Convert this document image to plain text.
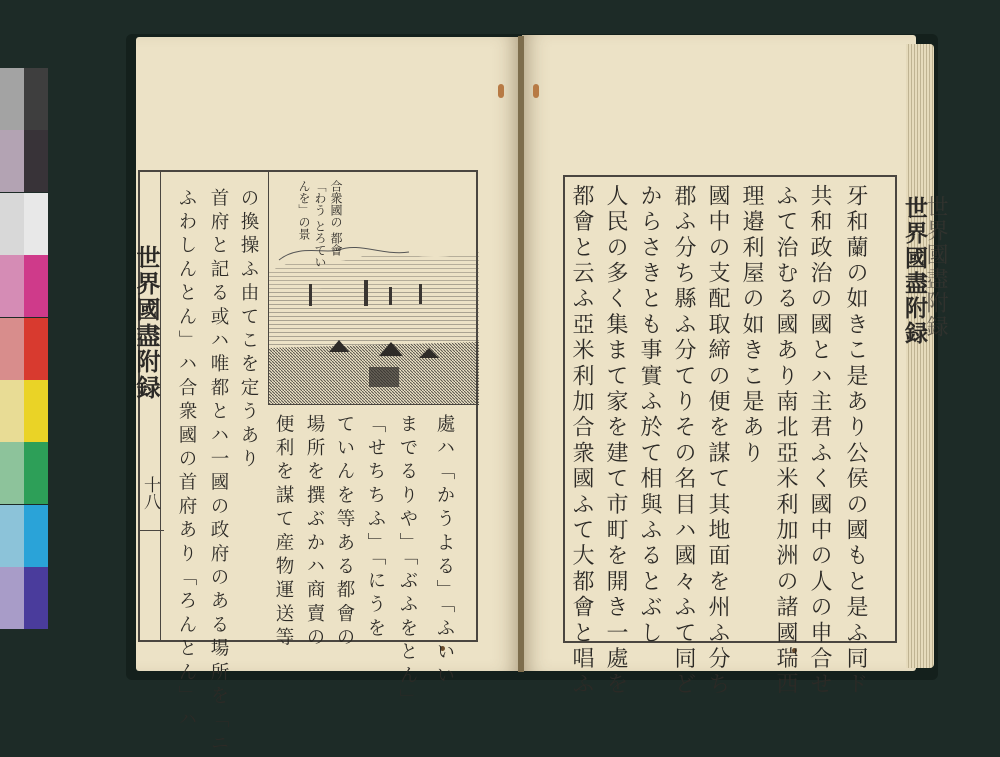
世界國盡附録
十八
合衆國の 都會「わう とろてい んを」の景
の換操ふ由てこを定うあり
首府と記る或ハ唯都とハ一國の政府のある場所を「ニ
ふわしんとん」ハ合衆國の首府あり「ろんとん」ハ	便利を謀て産物運送等 場所を撰ぶかハ商賣の ていんを等ある都會の 「せちちふ」「にうを までるりや」「ぶふをとん」 處ハ「かうよる」「ふいい
世界國盡附録
世界國盡附録
都會と云ふ亞米利加合衆國ふて大都會と唱ふ 人民の多く集まて家を建て市町を開き一處を からさきとも事實ふ於て相與ふるとぶし 郡ふ分ち縣ふ分てりその名目ハ國々ふて同ど 國中の支配取締の便を謀て其地面を州ふ分ち 理邉利屋の如きこ是あり ふて治むる國あり南北亞米利加洲の諸國瑞西 共和政治の國とハ主君ふく國中の人の申合せ 牙和蘭の如きこ是あり公侯の國もと是ふ同ド
